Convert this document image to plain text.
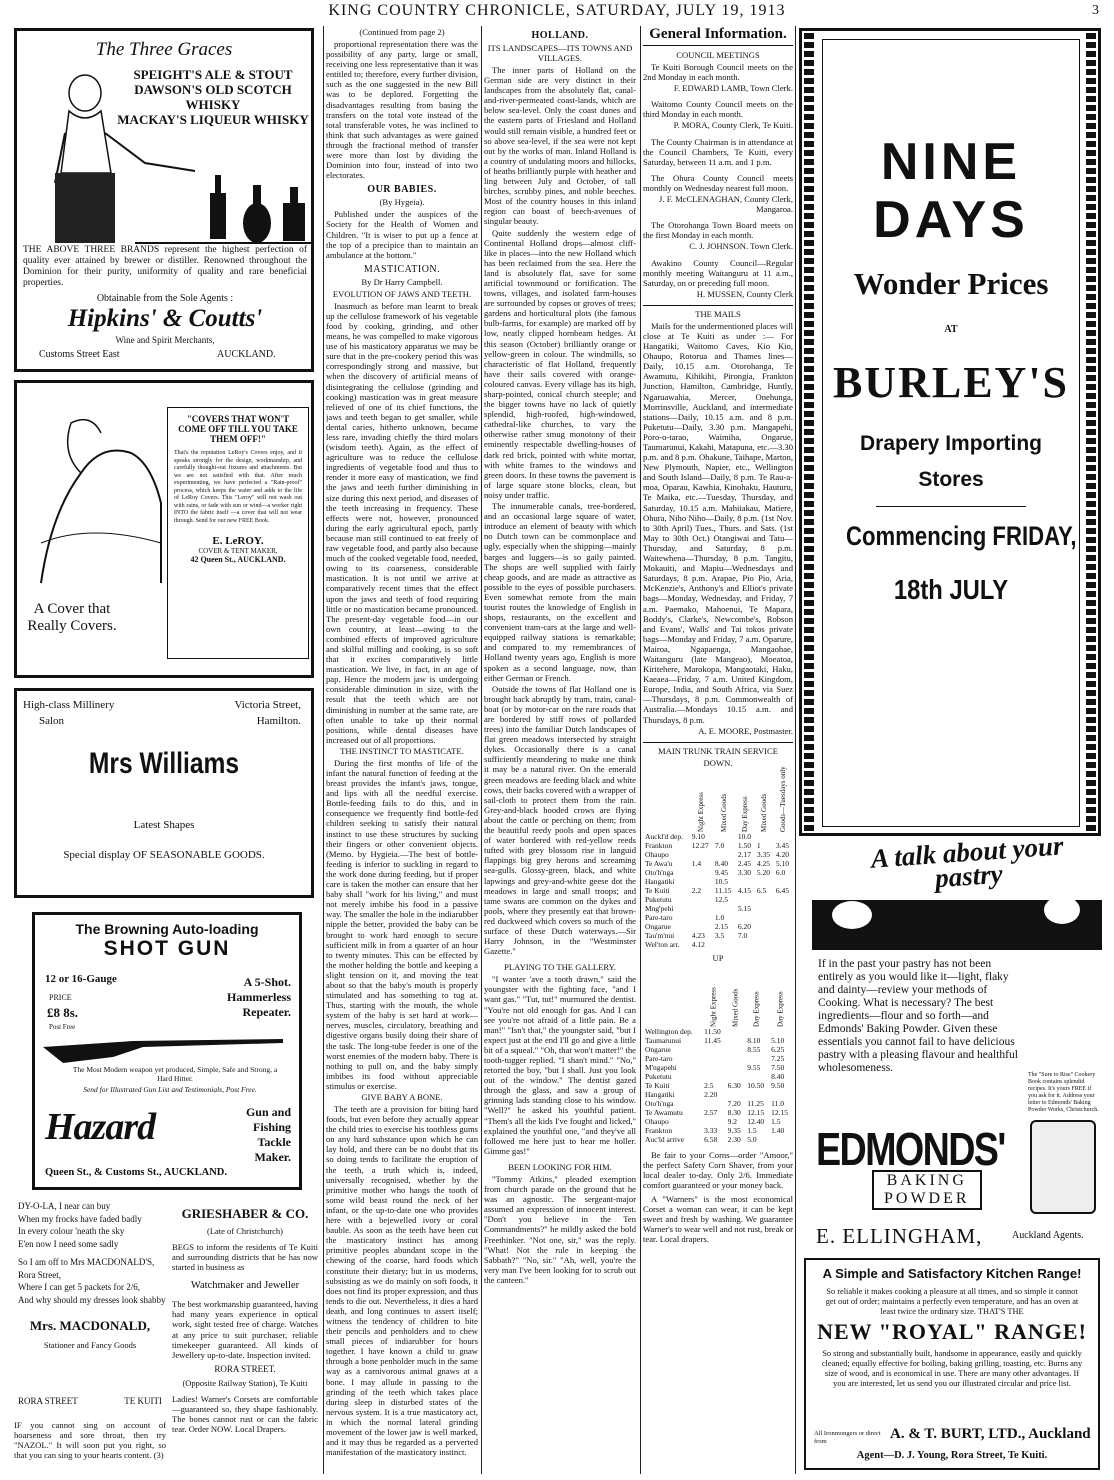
KING COUNTRY CHRONICLE, SATURDAY, JULY 19, 1913	3
The Three Graces
SPEIGHT'S ALE & STOUT
DAWSON'S OLD SCOTCH WHISKY
MACKAY'S LIQUEUR WHISKY
THE ABOVE THREE BRANDS represent the highest perfection of quality ever attained by brewer or distiller. Renowned throughout the Dominion for their purity, uniformity of quality and rare beneficial properties.
Obtainable from the Sole Agents :
Hipkins' & Coutts'
Wine and Spirit Merchants,
Customs Street East	AUCKLAND.
"COVERS THAT WON'T COME OFF TILL YOU TAKE THEM OFF!"
That's the reputation LeRoy's Covers enjoy, and it speaks strongly for the design, workmanship, and carefully thought-out fixtures and attachments. But we are not satisfied with that. After much experimenting, we have perfected a "Rain-proof" process, which keeps the water and adds to the life of LeRoy Covers. This "Leroy" will not wash out with rains, or fade with sun or wind—a worker right INTO the fabric itself —a cover that will not wear through. Send for our new FREE Book.
E. LeROY.
COVER & TENT MAKER,
42 Queen St., AUCKLAND.
A Cover that Really Covers.
High-class Millinery
Salon
Victoria Street,
Hamilton.
Mrs Williams
Latest Shapes
Special display OF SEASONABLE GOODS.
The Browning Auto-loading
SHOT GUN
12 or 16-Gauge
PRICE
£8 8s.
Post Free
A 5-Shot. Hammerless Repeater.
The Most Modern weapon yet produced, Simple, Safe and Strong, a Hard Hitter.
Send for Illustrated Gun List and Testimonials, Post Free.
Hazard	Gun and Fishing Tackle Maker.
Queen St., & Customs St., AUCKLAND.
DY-O-LA, I near can buy
When my frocks have faded badly
In every colour 'neath the sky
E'en now I need some sadly
So I am off to Mrs MACDONALD'S, Rora Street,
Where I can get 5 packets for 2/6,
And why should my dresses look shabby
Mrs. MACDONALD,
Stationer and Fancy Goods
RORA STREET	TE KUITI
IF you cannot sing on account of hoarseness and sore throat, then try "NAZOL." It will soon put you right, so that you can sing to your hearts content. (3)
GRIESHABER & CO.
(Late of Christchurch)
BEGS to inform the residents of Te Kuiti and surrounding districts that he has now started in business as
Watchmaker and Jeweller
The best workmanship guaranteed, having had many years experience in optical work, sight tested free of charge. Watches at any price to suit purchaser, reliable timekeeper guaranteed. All kinds of Jewellery up-to-date. Inspection invited.
RORA STREET.
(Opposite Railway Station), Te Kuiti
Ladies! Warner's Corsets are comfortable—guaranteed so, they shape fashionably. The bones cannot rust or can the fabric tear. Order NOW. Local Drapers.
(Continued from page 2)

proportional representation there was the possibility of any party, large or small, receiving one less representative than it was entitled to; therefore, every further division, such as the one suggested in the new Bill was to be deplored. Forgetting the disadvantages resulting from basing the transfers on the total vote instead of the total transferable votes, he was inclined to think that such advantages as were gained through the fractional method of transfer were more than lost by dividing the Dominion into four, instead of into two electorates.

OUR BABIES.
(By Hygeia).

Published under the auspices of the Society for the Health of Women and Children. "It is wiser to put up a fence at the top of a precipice than to maintain an ambulance at the bottom."

MASTICATION.
By Dr Harry Campbell.
EVOLUTION OF JAWS AND TEETH.

Inasmuch as before man learnt to break up the cellulose framework of his vegetable food by cooking, grinding, and other means, he was compelled to make vigorous use of his masticatory apparatus we may be sure that in the pre-cookery period this was correspondingly strong and massive, but when the discovery of artificial means of disintegrating the cellulose (grinding and cooking) mastication was in great measure relieved of one of its chief functions, the jaws and teeth began to get smaller, while dental caries, hitherto unknown, became less rare, invading chiefly the third molars (wisdom teeth). Again, as the effect of agriculture was to reduce the cellulose ingredients of vegetable food and thus to render it more easy of mastication, we find the jaws and teeth further diminishing in size during this next period, and diseases of the teeth increasing in frequency. These effects were not, however, pronounced during the early agricultural epoch, partly because man still continued to eat freely of raw vegetable food, and partly also because much of the cooked vegetable food, needed, owing to its coarseness, considerable mastication. It is not until we arrive at comparatively recent times that the effect upon the jaws and teeth of food requiring little or no mastication became pronounced. The present-day vegetable food—in our own country, at least—owing to the combined effects of improved agriculture and skilful milling and cooking, is so soft that it excites comparatively little mastication. We live, in fact, in an age of pap. Hence the modern jaw is undergoing considerable diminution in size, with the result that the teeth which are not diminishing in number at the same rate, are often unable to take up their normal positions, while dental diseases have increased out of all proportions.

THE INSTINCT TO MASTICATE.

During the first months of life of the infant the natural function of feeding at the breast provides the infant's jaws, tongue, and lips with all the needful exercise. Bottle-feeding fails to do this, and in consequence we frequently find bottle-fed children seeking to satisfy their natural instinct to use these structures by sucking their fingers or other convenient objects. (Memo. by Hygieia.—The best of bottle-feeding is inferior to suckling in regard to the work done during feeding, but if proper care is taken the mother can ensure that her baby shall "work for his living," and must not merely imbibe his food in a passive way. The smaller the hole in the indiarubber nipple the better, provided the baby can be brought to work hard enough to secure sufficient milk in from a quarter of an hour to twenty minutes. This can be effected by the mother holding the bottle and keeping a slight tension on it, and moving the teat about so that the baby's mouth is properly stimulated and has something to tug at. Thus, starting with the mouth, the whole system of the baby is set hard at work—nerves, muscles, circulatory, breathing and digestive organs busily doing their share of the task. The long-tube feeder is one of the worst enemies of the modern baby. There is nothing to pull on, and the baby simply imbibes its food without appreciable stimulus or exercise.

GIVE BABY A BONE.

The teeth are a provision for biting hard foods, but even before they actually appear the child tries to exercise his toothless gums on any hard substance upon which he can lay hold, and there can be no doubt that its so doing tends to facilitate the eruption of the teeth, a truth which is, indeed, universally recognised, whether by the primitive mother who hangs the tooth of some wild beast round the neck of her infant, or the up-to-date one who provides here with a bejewelled ivory or coral bauble. As soon as the teeth have been cut the masticatory instinct has among primitive peoples abundant scope in the chewing of the coarse, hard foods which constitute their dietary; but in us moderns, subsisting as we do mainly on soft foods, it does not find its proper expression, and thus tends to die out. Nevertheless, it dies a hard death, and long continues to assert itself; witness the tendency of children to bite their pencils and penholders and to chew small pieces of indiarubber for hours together. I have known a child to gnaw through a bone penholder much in the same way as a carnivorous animal gnaws at a bone. I may allude in passing to the grinding of the teeth which takes place during sleep in disturbed states of the nervous system. It is a true masticatory act, in which the normal lateral grinding movement of the lower jaw is well marked, and it may thus be regarded as a perverted manifestation of the masticatory instinct.

HOLLAND.
ITS LANDSCAPES—ITS TOWNS AND VILLAGES.

The inner parts of Holland on the German side are very distinct in their landscapes from the absolutely flat, canal-and-river-permeated coast-lands, which are below sea-level. Only the coast dunes and the eastern parts of Friesland and Holland would still remain visible, a hundred feet or so above sea-level, if the sea were not kept out by the works of man. Inland Holland is a country of undulating moors and hillocks, of heaths brilliantly purple with heather and ling between July and October, of tall birches, scrubby pines, and noble beeches. Most of the country houses in this inland region can boast of beech-avenues of singular beauty.

Quite suddenly the western edge of Continental Holland drops—almost cliff-like in places—into the new Holland which has been reclaimed from the sea. Here the land is absolutely flat, save for some artificial townmound or fortification. The towns, villages, and isolated farm-houses are surrounded by copses or groves of trees; gardens and horticultural plots (the famous bulb-farms, for example) are marked off by low, neatly clipped hornbeam hedges. At this season (October) brilliantly orange or yellow-green in colour. The windmills, so characteristic of flat Holland, frequently have their sails covered with orange-coloured canvas. Every village has its high, sharp-pointed, conical church steeple; and the bigger towns have no lack of quietly splendid, high-roofed, high-windowed, cathedral-like churches, to vary the otherwise rather smug monotony of their eminently respectable dwelling-houses of dark red brick, pointed with white mortar, with white frames to the windows and green doors. In these towns the pavement is of large square stone blocks, clean, but noisy under traffic.

The innumerable canals, tree-bordered, and an occasional large square of water, introduce an element of beauty with which no Dutch town can be commonplace and ugly, especially when the shipping—mainly barges and luggers—is so gaily painted. The shops are well supplied with fairly cheap goods, and are made as attractive as possible to the eyes of possible purchasers. Even somewhat remote from the main tourist routes the knowledge of English in shops, restaurants, on the excellent and convenient tram-cars at the large and well-equipped railway stations is remarkable; and compared to my remembrances of Holland twenty years ago, English is more spoken as a second language, now, than either German or French.

Outside the towns of flat Holland one is brought back abruptly by tram, train, canal-boat (or by motor-car on the rare roads that are bordered by stiff rows of pollarded trees) into the familiar Dutch landscapes of flat green meadows intersected by straight dykes. Occasionally there is a canal sufficiently meandering to make one think it may be a natural river. On the emerald green meadows are feeding black and white cows, their backs covered with a wrapper of sail-cloth to protect them from the rain. Grey-and-black hooded crows are flying about the cattle or perching on them; from the beautiful reedy pools and open spaces of water bordered with red-yellow reeds tufted with grey blossom rise in languid flappings big grey herons and screaming sea-gulls. Glossy-green, black, and white lapwings and grey-and-white geese dot the meadows in large and small troops; and tame swans are common on the dykes and pools, where they presently eat that brown-red duckweed which covers so much of the surface of these Dutch waterways.—Sir Harry Johnson, in the "Westminster Gazette."

PLAYING TO THE GALLERY.

"I wanter 'ave a tooth drawn," said the youngster with the fighting face, "and I want gas." "Tut, tut!" murmured the dentist. "You're not old enough for gas. And I can see you're not afraid of a little pain. Be a man!" "Isn't that," the youngster said, "but I expect just at the end I'll go and give a little bit of a squeal." "Oh, that won't matter!" the tooth-tugger replied. "I shan't mind." "No," retorted the boy, "but I shall. Just you look out of the window." The dentist gazed through the glass, and saw a group of grinning lads standing close to his window. "Well?" he asked his youthful patient. "Them's all the kids I've fought and licked," explained the youthful one, "and they've all followed me here just to hear me holler. Gimme gas!"

BEEN LOOKING FOR HIM.

"Tommy Atkins," pleaded exemption from church parade on the ground that he was an agnostic. The sergeant-major assumed an expression of innocent interest. "Don't you believe in the Ten Commandments?" he mildly asked the bold Freethinker. "Not one, sir," was the reply. "What! Not the rule in keeping the Sabbath?" "No, sir." "Ah, well, you're the very man I've been looking for to scrub out the canteen."

General Information.
COUNCIL MEETINGS

Te Kuiti Borough Council meets on the 2nd Monday in each month.

F. EDWARD LAMB, Town Clerk.

Waitomo County Council meets on the third Monday in each month.

P. MORA, County Clerk, Te Kuiti.

The County Chairman is in attendance at the Council Chambers, Te Kuiti, every Saturday, between 11 a.m. and 1 p.m.

The Ohura County Council meets monthly on Wednesday nearest full moon.

J. F. McCLENAGHAN, County Clerk, Mangaroa.

The Otorohanga Town Board meets on the first Monday in each month.

C. J. JOHNSON. Town Clerk.

Awakino County Council—Regular monthly meeting Waitanguru at 11 a.m., Saturday, on or preceding full moon.

H. MUSSEN, County Clerk
THE MAILS

Mails for the undermentioned places will close at Te Kuiti as under :— For Hangatiki, Waitomo Caves, Kio Kio, Ohaupo, Rotorua and Thames lines—Daily, 10.15 a.m. Otorohanga, Te Awamutu, Kihikihi, Pirongia, Frankton Junction, Hamilton, Cambridge, Huntly, Ngaruawahia, Mercer, Onehunga, Morrinsville, Auckland, and intermediate stations—Daily, 10.15 a.m. and 8 p.m. Puketutu—Daily, 3.30 p.m. Mangapehi, Poro-o-tarao, Waimiha, Ongarue, Taumarunui, Kakahi, Matapuna, etc.—3.30 p.m. and 8 p.m. Ohakune, Taihape, Marton, New Plymouth, Napier, etc., Wellington and South Island—Daily, 8 p.m. Te Rau-a-moa, Oparau, Kawhia, Kinohaku, Hauturu, Te Maika, etc.—Tuesday, Thursday, and Saturday, 10.15 a.m. Mahiiakau, Matiere, Ohura, Niho Niho—Daily, 8 p.m. (1st Nov. to 30th April) Tues., Thurs. and Sats. (1st May to 30th Oct.) Otangiwai and Tatu—Thursday, and Saturday, 8 p.m. Waitewhena—Thursday, 8 p.m. Tangitu, Mokauiti, and Mapiu—Wednesdays and Saturdays, 8 p.m. Arapae, Pio Pio, Aria, McKenzie's, Anthony's and Elliot's private bags—Monday, Wednesday, and Friday, 7 a.m. Paemako, Mahoenui, Te Mapara, Boddy's, Clarke's, Newcombe's, Robson and Evans', Walls' and Tai tokos private bags—Monday and Friday, 7 a.m. Oparure, Mairoa, Ngapaenga, Mangaohae, Waitanguru (late Mangeao), Moeatoa, Kiritehere, Marokopa, Mangaotaki, Haku, Kaeaea—Friday, 7 a.m. United Kingdom, Europe, India, and South Africa, via Suez—Thursdays, 8 p.m. Commonwealth of Australia.—Mondays 10.15 a.m. and Thursdays, 8 p.m.

A. E. MOORE, Postmaster.
MAIN TRUNK TRAIN SERVICE
DOWN.
	Night Express	Mixed Goods	Day Express	Mixed Goods	Goods—Tuesdays only
Auckl'd dep.	9.10		10.0		
Frankton	12.27	7.0	1.50	1	3.45
Ohaupo			2.17	3.35	4.20
Te Awa'u	1.4	8.40	2.45	4.25	5.10
Oto'h'nga		9.45	3.30	5.20	6.0
Hangatiki		10.5			
Te Kuiti	2.2	11.15	4.15	6.5	6.45
Puketutu		12.5			
Mng'pehi			5.15		
Pare-taro		1.0			
Ongarue		2.15	6.20		
Tau'm'nui	4.23	3.5	7.0		
Wel'ton arr.	4.12				
UP
	Night Express	Mixed Goods	Day Express	Day Express
Wellington dep.	11.50			
Taumarunui	11.45		8.10	5.10
Ongarue			8.55	6.25
Pare-taro				7.25
M'ngapehi			9.55	7.50
Puketutu				8.40
Te Kuiti	2.5	6.30	10.50	9.50
Hangatiki	2.20			
Oto'h'nga		7.20	11.25	11.0
Te Awamutu	2.57	8.30	12.15	12.15
Ohaupo		9.2	12.40	1.5
Frankton	3.33	9.35	1.5	1.40
Auc'ld arrive	6.58	2.30	5.0	

Be fair to your Corns—order "Amoor," the perfect Safety Corn Shaver, from your local dealer to-day. Only 2/6. Immediate comfort guaranteed or your money back.

A "Warners" is the most economical Corset a woman can wear, it can be kept sweet and fresh by washing. We guarantee Warner's to wear well and not rust, break or tear. Local drapers.

NINE
DAYS
Wonder Prices
AT
BURLEY'S
Drapery Importing
Stores
Commencing FRIDAY,
18th JULY
A talk about your pastry
If in the past your pastry has not been entirely as you would like it—light, flaky and dainty—review your methods of Cooking. What is necessary? The best ingredients—flour and so forth—and Edmonds' Baking Powder. Given these essentials you cannot fail to have delicious pastry with a pleasing flavour and healthful wholesomeness.
The "Sure to Rise" Cookery Book contains splendid recipes. It's yours FREE if you ask for it. Address your letter to Edmonds' Baking Powder Works, Christchurch.
EDMONDS'
BAKING
POWDER
E. ELLINGHAM,	Auckland Agents.
A Simple and Satisfactory Kitchen Range!
So reliable it makes cooking a pleasure at all times, and so simple it cannot get out of order; maintains a perfectly even temperature, and has an oven at least twice the ordinary size. THAT'S THE
NEW "ROYAL" RANGE!
So strong and substantially built, handsome in appearance, easily and quickly cleaned; equally effective for boiling, baking grilling, toasting, etc. Burns any size of wood, and is economical in use. There are many other advantages. If you are interested, let us send you our illustrated circular and price list.
All Ironmongers or direct from	A. & T. BURT, LTD., Auckland
Agent—D. J. Young, Rora Street, Te Kuiti.
